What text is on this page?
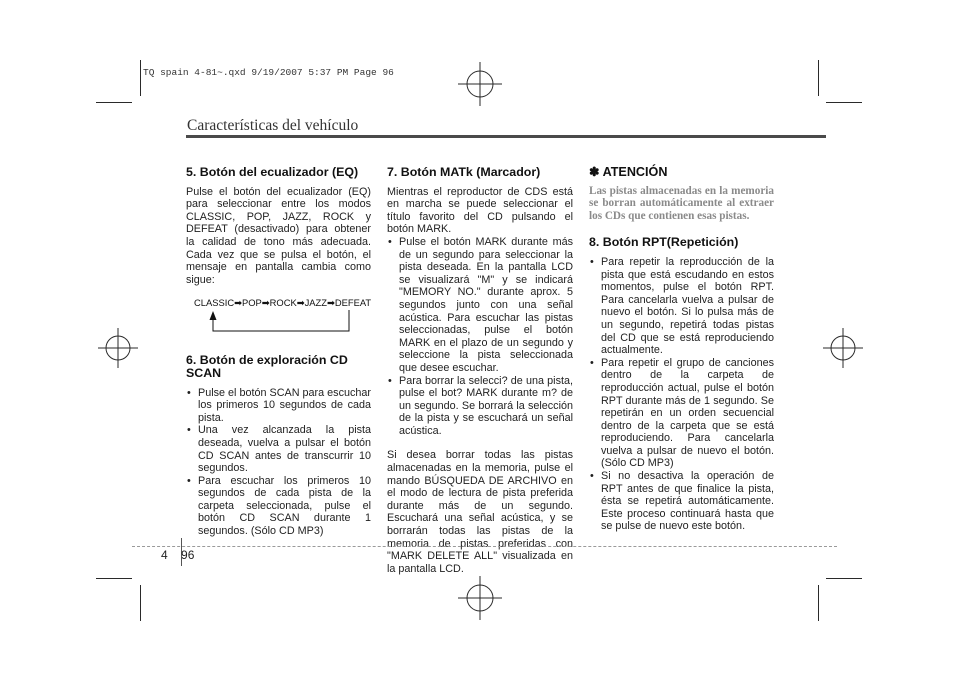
TQ spain 4-81~.qxd 9/19/2007 5:37 PM Page 96
Características del vehículo
5. Botón del ecualizador (EQ)

Pulse el botón del ecualizador (EQ) para seleccionar entre los modos CLASSIC, POP, JAZZ, ROCK y DEFEAT (desactivado) para obtener la calidad de tono más adecuada. Cada vez que se pulsa el botón, el mensaje en pantalla cambia como sigue:

CLASSIC➡POP➡ROCK➡JAZZ➡DEFEAT
6. Botón de exploración CD SCAN
• Pulse el botón SCAN para escuchar los primeros 10 segundos de cada pista.
• Una vez alcanzada la pista deseada, vuelva a pulsar el botón CD SCAN antes de transcurrir 10 segundos.
• Para escuchar los primeros 10 segundos de cada pista de la carpeta seleccionada, pulse el botón CD SCAN durante 1 segundos. (Sólo CD MP3)
7. Botón MATk (Marcador)

Mientras el reproductor de CDS está en marcha se puede seleccionar el título favorito del CD pulsando el botón MARK.

• Pulse el botón MARK durante más de un segundo para seleccionar la pista deseada. En la pantalla LCD se visualizará "M" y se indicará "MEMORY NO." durante aprox. 5 segundos junto con una señal acústica. Para escuchar las pistas seleccionadas, pulse el botón MARK en el plazo de un segundo y seleccione la pista seleccionada que desee escuchar.
• Para borrar la selecci? de una pista, pulse el bot? MARK durante m? de un segundo. Se borrará la selección de la pista y se escuchará un señal acústica.

Si desea borrar todas las pistas almacenadas en la memoria, pulse el mando BÚSQUEDA DE ARCHIVO en el modo de lectura de pista preferida durante más de un segundo. Escuchará una señal acústica, y se borrarán todas las pistas de la memoria de pistas preferidas con "MARK DELETE ALL" visualizada en la pantalla LCD.

✽ ATENCIÓN

Las pistas almacenadas en la memoria se borran automáticamente al extraer los CDs que contienen esas pistas.

8. Botón RPT(Repetición)
• Para repetir la reproducción de la pista que está escudando en estos momentos, pulse el botón RPT. Para cancelarla vuelva a pulsar de nuevo el botón. Si lo pulsa más de un segundo, repetirá todas pistas del CD que se está reproduciendo actualmente.
• Para repetir el grupo de canciones dentro de la carpeta de reproducción actual, pulse el botón RPT durante más de 1 segundo. Se repetirán en un orden secuencial dentro de la carpeta que se está reproduciendo. Para cancelarla vuelva a pulsar de nuevo el botón. (Sólo CD MP3)
• Si no desactiva la operación de RPT antes de que finalice la pista, ésta se repetirá automáticamente. Este proceso continuará hasta que se pulse de nuevo este botón.
4 96
